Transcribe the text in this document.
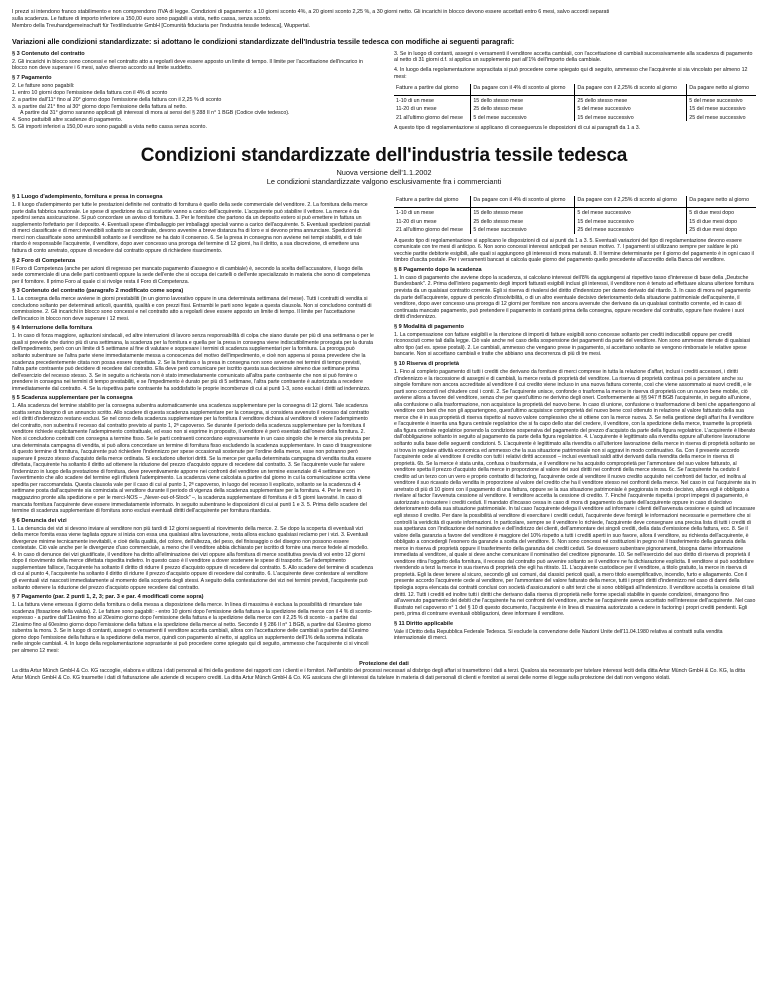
I prezzi si intendono franco stabilimento e non comprendono l'IVA di legge. Condizioni di pagamento: a 10 giorni sconto 4%, a 20 giorni sconto 2,25 %, a 30 giorni netto. Gli incarichi in blocco devono essere accettati entro 6 mesi, salvo accordi separati

sulla scadenza. Le fatture di importo inferiore a 150,00 euro sono pagabili a vista, netto cassa, senza sconto.

Membro della Treuhandgemeinschaft für Textilindustrie GmbH [Comunità fiduciaria per l'industria tessile tedesca], Wuppertal.

Variazioni alle condizioni standardizzate: si adottano le condizioni standardizzate dell'Industria tessile tedesca con modifiche ai seguenti paragrafi:
§ 3 Contenuto del contratto
2. Gli incarichi in blocco sono concessi e nel contratto atto a regolarli deve essere apposto un limite di tempo. Il limite per l'accettazione dell'incarico in blocco non deve superare i 6 mesi, salvo diverso accordo sul limite suddetto.
§ 7 Pagamento
2. Le fatture sono pagabili:
1. entro 10 giorni dopo l'emissione della fattura con il 4% di sconto
2. a partire dall'11° fino al 20° giorno dopo l'emissione della fattura con il 2,25 % di sconto
3. a partire dal 21° fino al 30° giorno dopo l'emissione della fattura al netto.
A partire dal 31° giorno saranno applicati gli interessi di mora ai sensi del § 288 II n° 1 BGB (Codice civile tedesco).
4. Sono pattuibili altre scadenze di pagamento.
5. Gli importi inferiori a 150,00 euro sono pagabili a vista netto cassa senza sconto.
3. Se in luogo di contanti, assegni o versamenti il venditore accetta cambiali, con l'accettazione di cambiali successivamente alla scadenza di pagamento al netto di 31 giorni d.f. si applica un supplemento pari all'1% dell'importo della cambiale.
4. In luogo della regolamentazione sopracitata si può procedere come spiegato qui di seguito, ammesso che l'acquirente si sia vincolato per almeno 12 mesi:
Fatture a partire dal giorno	Da pagare con il 4% di sconto al giorno	Da pagare con il 2,25% di sconto al giorno	Da pagare netto al giorno
1-10 di un mese	15 dello stesso mese	25 dello stesso mese	5 del mese successivo
11-20 di un mese	25 dello stesso mese	5 del mese successivo	15 del mese successivo
21 all'ultimo giorno del mese	5 del mese successivo	15 del mese successivo	25 del mese successivo
A questo tipo di regolamentazione si applicano di conseguenza le disposizioni di cui ai paragrafi da 1 a 3.
Condizioni standardizzate dell'industria tessile tedesca

Nuova versione dell'1.1.2002

Le condizioni standardizzate valgono esclusivamente fra i commercianti

§ 1 Luogo d'adempimento, fornitura e presa in consegna
1. Il luogo d'adempimento per tutte le prestazioni definite nel contratto di fornitura è quello della sede commerciale del venditore. 2. La fornitura della merce parte dalla fabbrica nazionale. Le spese di spedizione da cui scaturite vanno a carico dell'acquirente. L'acquirente può stabilire il vettore. La merce è da spedirsi senza assicurazione. Si può concordare un avviso di fornitura. 3. Per le forniture che partono da un deposito estero si può emettere in fattura un supplemento forfettario per il deposito. 4. Eventuali spese d'imballaggio per imballaggi speciali vanno a carico dell'acquirente. 5. Eventuali spedizioni parziali di merci classificate e di merci rivendibili soltanto se coordinate, devono avvenire a breve distanza fra di loro e si devono prima annunciare. Spedizioni di merci non classificate sono ammissibili soltanto se il venditore ne ha dato il consenso. 6. Se la presa in consegna non avviene nei tempi stabiliti, e di tale ritardo è responsabile l'acquirente, il venditore, dopo aver concesso una proroga del termine di 12 giorni, ha il diritto, a sua discrezione, di emettere una fattura di conto arretrato, oppure di recedere dal contratto oppure di richiedere risarcimento.
§ 2 Foro di Competenza
Il Foro di Competenza (anche per azioni di regresso per mancato pagamento d'assegno e di cambiale) è, secondo la scelta dell'accusatore, il luogo della sede commerciale di una delle parti contraenti oppure la sede dell'ente che si occupa dei cartelli o dell'ente specializzato in materia che sono di competenza per il fornitore. Il primo Foro al quale ci si rivolge resta il Foro di Competenza.
§ 3 Contenuto del contratto (paragrafo 2 modificato come sopra)
1. La consegna della merce avviene in giorni prestabiliti (in un giorno lavorativo oppure in una determinata settimana del mese). Tutti i contratti di vendita si concludono soltanto per determinati articoli, quantità, qualità e con prezzi fissi. Entrambi le parti sono legate a questa clausola. Non si concludono contratti di commissione. 2. Gli incarichi in blocco sono concessi e nel contratto atto a regolarli deve essere apposto un limite di tempo. Il limite per l'accettazione dell'incarico in blocco non deve superare i 12 mesi.
§ 4 Interruzione della fornitura
1. In caso di forza maggiore, agitazioni sindacali, ed altre interruzioni di lavoro senza responsabilità di colpa che siano durate per più di una settimana o per le quali si prevede che durino più di una settimana, la scadenza per la fornitura e quella per la presa in consegna viene indiscutibilmente prorogata per la durata dell'impedimento, però con un limite di 5 settimane al fine di valutare e soppesare i termini di scadenza supplementari per la fornitura. La proroga può soltanto subentrare se l'altra parte viene immediatamente messa a conoscenza del motivo dell'impedimento, e cioè non appena si possa prevedere che la scadenza precedentemente citata non possa essere rispettata. 2. Se la fornitura o la presa in consegna non sono avvenute nei termini di tempo previsti, l'altra parte contraente può decidere di recedere dal contratto. Ella deve però comunicare per iscritto questa sua decisione almeno due settimane prima dell'esercizio del recesso stesso. 3. Se in seguito a richiesta non è stato immediatamente comunicato all'altra parte contraente che non si può fornire o prendere in consegna nei termini di tempo prestabiliti, e se l'impedimento è durato per più di 5 settimane, l'altra parte contraente è autorizzata a recedere immediatamente dal contratto. 4. Se la rispettiva parte contraente ha soddisfatto le proprie incombenze di cui ai punti 1-3, sono esclusi i diritti ad indennizzo.
§ 5 Scadenza supplementare per la consegna
1. Alla scadenza del termine stabilito per la consegna subentra automaticamente una scadenza supplementare per la consegna di 12 giorni. Tale scadenza scatta senza bisogno di un annuncio scritto. Allo scadere di questa scadenza supplementare per la consegna, si considera avvenuto il recesso dal contratto ed i diritti d'indennizzo restano esclusi. Se nel corso della scadenza supplementare per la fornitura il venditore dichiara al venditore di volere l'adempimento del contratto, non subentra il recesso dal contratto previsto al punto 1, 2ª capoverso. Se durante il periodo della scadenza supplementare per la fornitura il venditore richiede esplicitamente l'adempimento contrattuale, ed esso non si esprime in proposito, il venditore è però esentato dall'onere della fornitura. 2. Non si concludono contratti con consegna a termine fisso. Se le parti contraenti concordano espressamente in un caso singolo che le merce sia prevista per una determinata campagna di vendita, si può allora concordare un termine di fornitura fisso escludendo la scadenza supplementare. In caso di trasgressione di questo termine di fornitura, l'acquirente può richiedere l'indennizzo per spese occasionali sostenute per l'ordine della merce, esse non potranno però superare il prezzo stesso d'acquisto della merce ordinata. Si escludono ulteriori diritti. Se la merce per quella determinata campagna di vendita risulta essere difettata, l'acquirente ha soltanto il diritto ad ottenere la riduzione del prezzo d'acquisto oppure di recedere dal contratto. 3. Se l'acquirente vuole far valere l'indennizzo in luogo della prestazione di fornitura, deve preventivamente apporre nei confronti del venditore un termine essenziale di 4 settimane con l'avvertimento che allo scadere del termine egli rifiuterà l'adempimento. La scadenza viene calcolata a partire dal giorno in cui la comunicazione scritta viene spedita per raccomandata. Questa clausola vale per il caso di cui al punto 1, 2ª capoverso, in luogo del recesso li esplicato, soltanto se la scadenza di 4 settimane posta dall'acquirente sia cominciata al venditore durante il periodo di vigenza della scadenza supplementare per la fornitura. 4. Per le merci in maggazzino pronte alla spedizione e per le merci-NOS – „Never-out-of-Stock" –, la scadenza supplementare di fornitura è di 5 giorni lavorativi. In caso di mancata fornitura l'acquirente deve essere immediatamente informato. In seguito subentrano le disposizioni di cui ai punti 1 e 3. 5. Prima dello scadere del termine di scadenza supplementare di fornitura sono esclusi eventuali diritti dell'acquirente per fornitura ritardata.
§ 6 Denuncia dei vizi
1. La denuncia dei vizi si devono inviare al venditore non più tardi di 12 giorni seguenti al ricevimento della merce. 2. Se dopo la scoperta di eventuali vizi della merce fornita essa viene tagliata oppure si inizia con essa una qualsiasi altra lavorazione, resta allora escluso qualsiasi reclamo per i vizi. 3. Eventuali divergenze minime tecnicamente inevitabili, e cioè della qualità, del colore, dell'altezza, del peso, del finissaggio o del disegno non possono essere contestate. Ciò vale anche per le divergenze d'uso commerciale, a meno che il venditore abbia dichiarato per iscritto di fornire una merce fedele al modello. 4. In caso di denunce dei vizi giustificate, il venditore ha diritto all'eliminazione dei vizi oppure alla fornitura di merce sostitutiva previa di voi entro 12 giorni dopo il ricevimento della merce difettata rispedita indietro. In questo caso è il venditore a dover sostenere le spese di trasporto. Se l'adempimento supplementare fallisce, l'acquirente ha soltanto il diritto di ridurre il prezzo d'acquisto oppure di recedere dal contratto. 5. Allo scadere del termine di scadenza di cui al punto 4, l'acquirente ha soltanto il diritto di ridurre il prezzo d'acquisto oppure di recedere dal contratto. 6. L'acquirente deve contestare al venditore gli eventuali vizi nascosti immediatamente al momento della scoperta degli stessi. A seguito della contestazione dei vizi nei termini previsti, l'acquirente può soltanto ottenere la riduzione del prezzo d'acquisto oppure recedere dal contratto.
§ 7 Pagamento (par. 2 punti 1, 2, 3; par. 3 e par. 4 modificati come sopra)
1. La fattura viene emessa il giorno della fornitura o della messa a disposizione della merce. In linea di massima è esclusa la possibilità di rimandare tale scadenza (fissazione della valuta). 2. Le fatture sono pagabili: - entro 10 giorni dopo l'emissione della fattura e la spedizione della merce con il 4 % di sconto-espresso - a partire dall'11esimo fino al 20esimo giorno dopo l'emissione della fattura e la spedizione della merce con il 2,25 % di sconto - a partire dal 21esimo fino al 60esimo giorno dopo l'emissione della fattura e la spedizione della merce al netto. Secondo il § 286 II n° 1 BGB, a partire dal 61esimo giorno subentra la mora. 3. Se in luogo di contanti, assegni o versamenti il venditore accetta cambiali, allora con l'accettazione delle cambiali a partire dal 61esimo giorno dopo l'emissione della fattura e la spedizione della merce, quindi con pagamento al netto, si applica un supplemento dell'1% della somma indicata nelle singole cambiali. 4. In luogo della regolamentazione soprastante si può procedere come spiegato qui di seguito, ammesso che l'acquirente ci si vincoli per almeno 12 mesi:
Fatture a partire dal giorno	Da pagare con il 4% di sconto al giorno	Da pagare con il 2,25% di sconto al giorno	Da pagare netto al giorno
1-10 di un mese	15 dello stesso mese	5 del mese successivo	5 di due mesi dopo
11-20 di un mese	25 dello stesso mese	15 del mese successivo	15 di due mesi dopo
21 all'ultimo giorno del mese	5 del mese successivo	25 del mese successivo	25 di due mesi dopo
A questo tipo di regolamentazione si applicano le disposizioni di cui ai punti da 1 a 3. 5. Eventuali variazioni del tipo di regolamentazione devono essere comunicate con tre mesi di anticipo. 6. Non sono concessi interessi anticipati per nessun motivo. 7. I pagamenti si utilizzano sempre per saldare le più vecchie partite debitorie esigibili, alle quali si aggiungono gli interessi di mora maturati. 8. Il termine determinante per il giorno del pagamento è in ogni caso il timbro d'uscita postale. Per i versamenti bancari si calcola quale giorno del pagamento quello precedente all'accredito della Banca del venditore.
§ 8 Pagamento dopo la scadenza
1. In caso di pagamento che avviene dopo la scadenza, si calcolano interessi dell'8% da aggiungersi al rispettivo tasso d'interesse di base della „Deutsche Bundesbank". 2. Prima dell'intero pagamento degli importi fatturati esigibili inclusi gli interessi, il venditore non è tenuto ad effettuare alcuna ulteriore fornitura prevista da un qualsiasi contratto corrente. Egli si riserva di rivalersi del diritto d'indennizzo per danno derivato dal ritardo. 3. In caso di mora nel pagamento da parte dell'acquirente, oppure di pericolo d'insolvibilità, o di un altro eventuale decisivo deterioramento della situazione patrimoniale dell'acquirente, il venditore, dopo aver concesso una proroga di 12 giorni per forniture non ancora avvenute che derivano da un qualsiasi contratto corrente, ed in caso di continuata mancato pagamento, può pretendere il pagamento in contanti prima della consegna, oppure recedere dal contratto, oppure fare rivalere i suoi diritti d'indennizzo.
§ 9 Modalità di pagamento
1. La compensazione con fatture esigibili e la ritenzione di importi di fatture esigibili sono concesse soltanto per crediti indiscutibili oppure per crediti riconosciuti come tali dalla legge. Ciò vale anche nel caso della sospensione dei pagamenti da parte del venditore. Non sono ammesse ritenute di qualsiasi altro tipo (ad es. spese postali). 2. Le cambiali, ammesso che vengano prese in pagamento, si accettano soltanto se vengono rimborsate le relative spese bancarie. Non si accettano cambiali e tratte che abbiano una decorrenza di più di tre mesi.
§ 10 Riserva di proprietà
1. Fino al completo pagamento di tutti i crediti che derivano da forniture di merci comprese in tutta la relazione d'affari, inclusi i crediti accessori, i diritti d'indennizzo e la riscossione di assegni e di cambiali, la merce resta di proprietà del venditore. La riserva di proprietà continua poi a persistere anche su singole forniture non ancora accreditate al venditore il cui credito viene incluso in una nuova fattura corrente, così che viene assommato ai nuovi crediti, e le parti sono concordi nel chiudere così i conti. 2. Se l'acquirente unisce, confonde o trasforma la merce in riserva di proprietà con un nuovo bene mobile, ciò avviene allora a favore del venditore, senza che per quest'ultimo ne derivino degli oneri. Conformemente ai §§ 947 ff BGB l'acquirente, in seguito all'unione, alla confusione o alla trasformazione, non acquisisce la proprietà del nuovo bene. In caso di unione, confusione o trasformazione di beni che appartengono al venditore con beni che non gli appartengono, quest'ultimo acquisisce comproprietà del nuovo bene così ottenuto in relazione al valore fatturato della sua merce che è in sua proprietà di riserva rispetto al nuovo valore complessivo che si ottiene con la merce nuova. 3. Se nella gestione degli affari fra il venditore e l'acquirente è inserita una figura centrale regolatrice che si fa capo dello star del credere, il venditore, con la spedizione della merce, trasmette la proprietà alla figura centrale regolatrice ponendo la condizione sospensiva del pagamento del prezzo d'acquisto da parte della figura regolatrice. L'acquirente è liberato dall'obbligazione soltanto in seguito al pagamento da parte della figura regolatrice. 4. L'acquirente è legittimato alla rivendita oppure all'ulteriore lavorazione soltanto sulla base delle seguenti condizioni. 5. L'acquirente è legittimato alla rivendita o all'ulteriore lavorazione della merce in riserva di proprietà soltanto se si trova in regolare attività economica ed ammesso che la sua situazione patrimoniale non si aggravi in modo continuativo. 6a. Con il presente accordo l'acquirente cede al venditore il credito con tutti i relativi diritti accessori – inclusi eventuali saldi attivi derivanti dalla rivendita della merce in riserva di proprietà. 6b. Se la merce è stata unita, confusa o trasformata, e il venditore ne ha acquisito comproprietà per l'ammontare del suo valore fatturato, al venditore spetta il prezzo d'acquisto della merce in proporzione al valore dei suoi diritti nei confronti della merce stessa. 6c. Se l'acquirente ha ceduto il credito ad un terzo con un vero e proprio contratto di factoring, l'acquirente cede al venditore il nuovo credito acquisito nei confronti del factor, ed inoltra al venditore il suo ricavato della vendita in proporzione al valore del credito che ha il venditore stesso nei confronti della merce. Nel caso in cui l'acquirente sia in arretrato di più di 10 giorni con il pagamento di una fattura, oppure se la sua situazione patrimoniale è peggiorata in modo decisivo, allora egli è obbligato a rivelare al factor l'avvenuta cessione al venditore. Il venditore accetta la cessione di credito. 7. Finché l'acquirente rispetta i propri impegni di pagamento, è autorizzato a riscuotere i crediti ceduti. Il mandato d'incasso cessa in caso di mora di pagamento da parte dell'acquirente oppure in caso di decisivo deterioramento della sua situazione patrimoniale. In tal caso l'acquirente delega il venditore ad informare i clienti dell'avvenuta cessione e quindi ad incassare egli stesso il credito. Per dare la possibilità al venditore di esercitare i crediti ceduti, l'acquirente deve fornirgli le informazioni necessarie e permettere che si controlli la veridicità di queste informazioni. In particolare, sempre se il venditore lo richiede, l'acquirente deve consegnare una precisa lista di tutti i crediti di sua spettanza con l'indicazione del nominativo e dell'indirizzo dei clienti, dell'ammontare dei singoli crediti, della data d'emissione della fattura, ecc. 8. Se il valore della garanzia a favore del venditore è maggiore del 10% rispetto a tutti i crediti aperti in suo favore, allora il venditore, su richiesta dell'acquirente, è obbligato a concedergli l'esonero da garanzie a scelta del venditore. 9. Non sono concessi né costituzioni in pegno né il trasferimento della garanzia della merce in riserva di proprietà oppure il trasferimento della garanzia dei crediti ceduti. Se dovessero subentrare pignoramenti, bisogna darne informazione immediata al venditore, al quale si deve anche comunicare il nominativo del creditore pignorante. 10. Se nell'esercizio del suo diritto di riserva di proprietà il venditore ritira l'oggetto della fornitura, il recesso dal contratto può avvenire soltanto se il venditore ne fa dichiarazione esplicita. Il venditore si può soddisfare rivendendo a terzi la merce in sua riserva di proprietà che egli ha ritirato. 11. L'acquirente custodisce per il venditore, a titolo gratuito, la merce in riserva di proprietà. Egli la deve tenere al sicuro, secondo gli usi comuni, dai classici pericoli quali, a mero titolo esemplificativo, incendio, furto e allagamento. Con il presente accordo l'acquirente cede al venditore, per l'ammontare del valore fatturato della merce, tutti i propri diritti d'indennizzo nel caso di danni della tipologia sopra elencata dai contratti conclusi con società d'assicurazioni o altri terzi che si sono obbligati all'indennizzo. Il venditore accetta la cessione di tali diritti. 12. Tutti i crediti ed inoltre tutti i diritti che derivano dalla riserva di proprietà nelle forme speciali stabilite in queste condizioni, rimangono fino all'avvenuto pagamento dei debiti che l'acquirente ha nei confronti del venditore, anche se l'acquirente aveva accettato nell'interesse dell'acquirente. Nel caso illustrato nel capoverso n° 1 del § 10 di questo documento, l'acquirente è in linea di massima autorizzato a cedere in factoring i propri crediti pendenti. Egli però, prima di contrarre eventuali obbligazioni, deve informare il venditore.
§ 11 Diritto applicabile
Vale il Diritto della Repubblica Federale Tedesca. Si esclude la convenzione delle Nazioni Unite dell'11.04.1980 relativa ai contratti sulla vendita internazionale di merci.
Protezione dei dati

La ditta Artur Münch GmbH & Co. KG raccoglie, elabora e utilizza i dati personali ai fini della gestione dei rapporti con i clienti e i fornitori. Nell'ambito dei processi necessari al disbrigo degli affari si trasmettono i dati a terzi. Qualora sia necessario per tutelare interessi leciti della ditta Artur Münch GmbH & Co. KG, la ditta Artur Münch GmbH & Co. KG trasmette i dati di fatturazione alle aziende di recupero crediti. La ditta Artur Münch GmbH & Co. KG assicura che gli interessi da tutelare in materia di dati personali di clienti e fornitori ai sensi delle norme di legge sulla protezione dei dati non vengono violati.
